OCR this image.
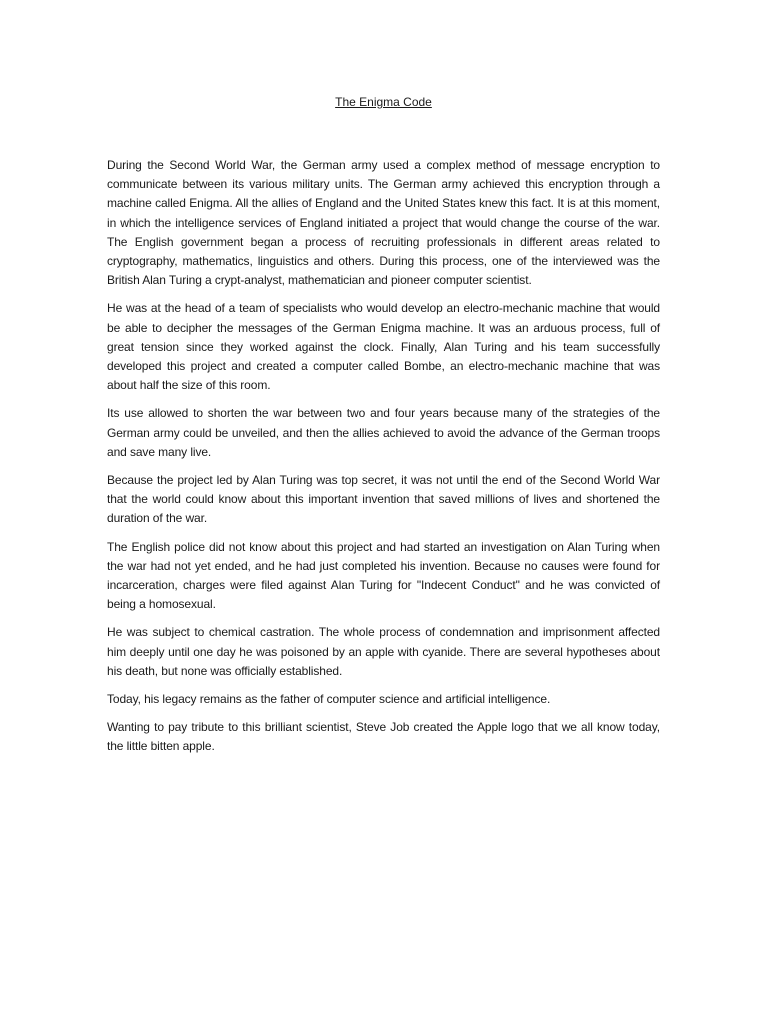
The Enigma Code

During the Second World War, the German army used a complex method of message encryption to communicate between its various military units. The German army achieved this encryption through a machine called Enigma. All the allies of England and the United States knew this fact. It is at this moment, in which the intelligence services of England initiated a project that would change the course of the war. The English government began a process of recruiting professionals in different areas related to cryptography, mathematics, linguistics and others. During this process, one of the interviewed was the British Alan Turing a crypt-analyst, mathematician and pioneer computer scientist.

He was at the head of a team of specialists who would develop an electro-mechanic machine that would be able to decipher the messages of the German Enigma machine. It was an arduous process, full of great tension since they worked against the clock. Finally, Alan Turing and his team successfully developed this project and created a computer called Bombe, an electro-mechanic machine that was about half the size of this room.

Its use allowed to shorten the war between two and four years because many of the strategies of the German army could be unveiled, and then the allies achieved to avoid the advance of the German troops and save many live.

Because the project led by Alan Turing was top secret, it was not until the end of the Second World War that the world could know about this important invention that saved millions of lives and shortened the duration of the war.

The English police did not know about this project and had started an investigation on Alan Turing when the war had not yet ended, and he had just completed his invention. Because no causes were found for incarceration, charges were filed against Alan Turing for "Indecent Conduct" and he was convicted of being a homosexual.

He was subject to chemical castration. The whole process of condemnation and imprisonment affected him deeply until one day he was poisoned by an apple with cyanide. There are several hypotheses about his death, but none was officially established.

Today, his legacy remains as the father of computer science and artificial intelligence.

Wanting to pay tribute to this brilliant scientist, Steve Job created the Apple logo that we all know today, the little bitten apple.
